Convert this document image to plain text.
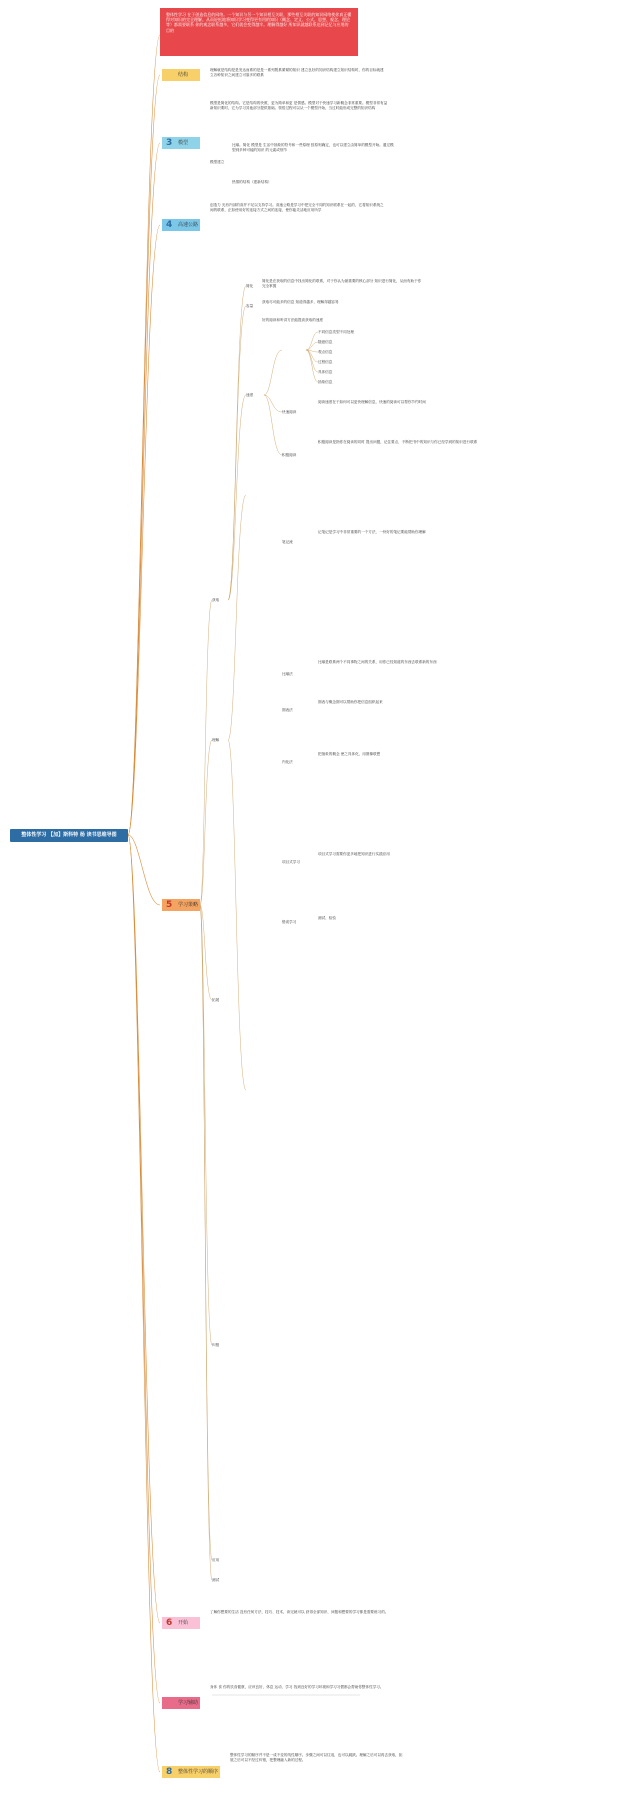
整体性学习 【加】斯科特 杨 读书思维导图
整体性学习 在于创造信息的网络。一个知识与另一个知识相互关联，那些相互关联的知识网络使你真正懂得对知识的完全理解。从而轻松地将知识学习变得更有用的知识（概念、定义、公式、思想、观念、理论等）都需要联系 你的观念联系越多，它们就会变得越牢。理解得越好 所知识就越联系达到记忆与应用的目的
结构
理解就是结构是是发达而系的是是一系列既系紧紧的知识 建立良好的知识结构建立知识结构时，你的目标就建立各种知识之间建立可靠多的联系
3 模型
模型是简化的结构。它是结构的快照，更为简单和更 是情感。模型对于快速学习新概念非常重要。模型非常有益 新知识要时，它为学习其他部分提供基础。领悟过程可以从一个模型开始，当过时能形成完整的知识结构
模型建立
比喻。简化 模型是 生活中抽象的符号和一些原理 按原则确定，也可以建立由简单的模型开始。通过模型到多种可能的知识 的元素或细节
热情的结构（建新结构）
4 高速公路
创造力 光有内部的高并不足以支持学习。高速公路是学习中把完全不同的知识联系在一起的，它将知识系统之间的联系，正如使用好的连接方式之间的连接，使你能灵活地应用所学
5 学习策略
获取
理解
拓展
纠错
应用
测试
简化
简化是在获取的信息中找出简化的联系，对于你认为最重要的核心部分 知识进行简化，从而有助于你完全掌握
容量
获取尽可能多的信息 知道得越多，理解得越容易
速度
好的阅读和听讲方法能提高获取的速度
不同信息类型不同处理
随意信息
观点信息
过程信息
具体信息
抽象信息
快速阅读
阅读速度在于如何可以更快理解信息，快速的阅读可以帮你节约时间
积极阅读
积极阅读是指你在阅读的同时 提出问题，记住要点，不断把书中的知识与你已经学到的知识进行联系
笔记流
记笔记是学习中非常重要的一个方法，一份好的笔记要能帮助你理解
比喻法
比喻是联系两个不同事物之间的关系，用你已经知道的东西去联系新的东西
图表法
图表与概念图可以帮助你把信息组织起来
内化法
把抽象的概念 使之具体化，用图像联想
项目式学习
项目式学习需要你更多地把知识进行实践应用
错误学习
测试、检验
6 开始
了解你想要的生活 没有任何方法、技巧、技术，读完就可以 获得全部知识、问题和想要的学习都是需要练习的。
学习辅助
身体 食 你的饮食健康，应该良好，休息 运动、学习 找到良好的学习环境和学习习惯都会帮助你整体性学习。
8 整体性学习的顺序
整体性学习的顺序并不是一成不变的线性顺序。步骤之间可以往返，也可以跳跃。理解之后可以再去获取，拓展之后可以不经过纠错，把整理融入新的过程。
